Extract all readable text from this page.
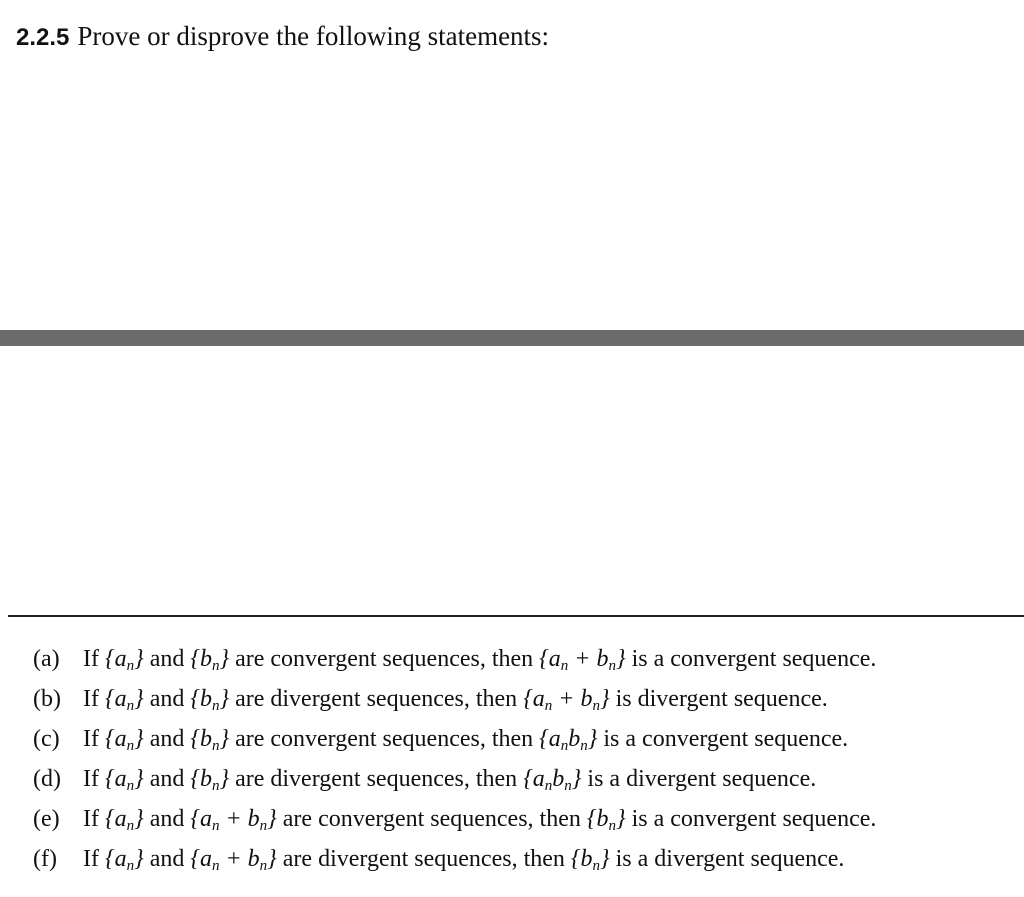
2.2.5 Prove or disprove the following statements:
(a) If $\{a_n\}$ and $\{b_n\}$ are convergent sequences, then $\{a_n + b_n\}$ is a convergent sequence.
(b) If $\{a_n\}$ and $\{b_n\}$ are divergent sequences, then $\{a_n + b_n\}$ is divergent sequence.
(c) If $\{a_n\}$ and $\{b_n\}$ are convergent sequences, then $\{a_nb_n\}$ is a convergent sequence.
(d) If $\{a_n\}$ and $\{b_n\}$ are divergent sequences, then $\{a_nb_n\}$ is a divergent sequence.
(e) If $\{a_n\}$ and $\{a_n + b_n\}$ are convergent sequences, then $\{b_n\}$ is a convergent sequence.
(f) If $\{a_n\}$ and $\{a_n + b_n\}$ are divergent sequences, then $\{b_n\}$ is a divergent sequence.
